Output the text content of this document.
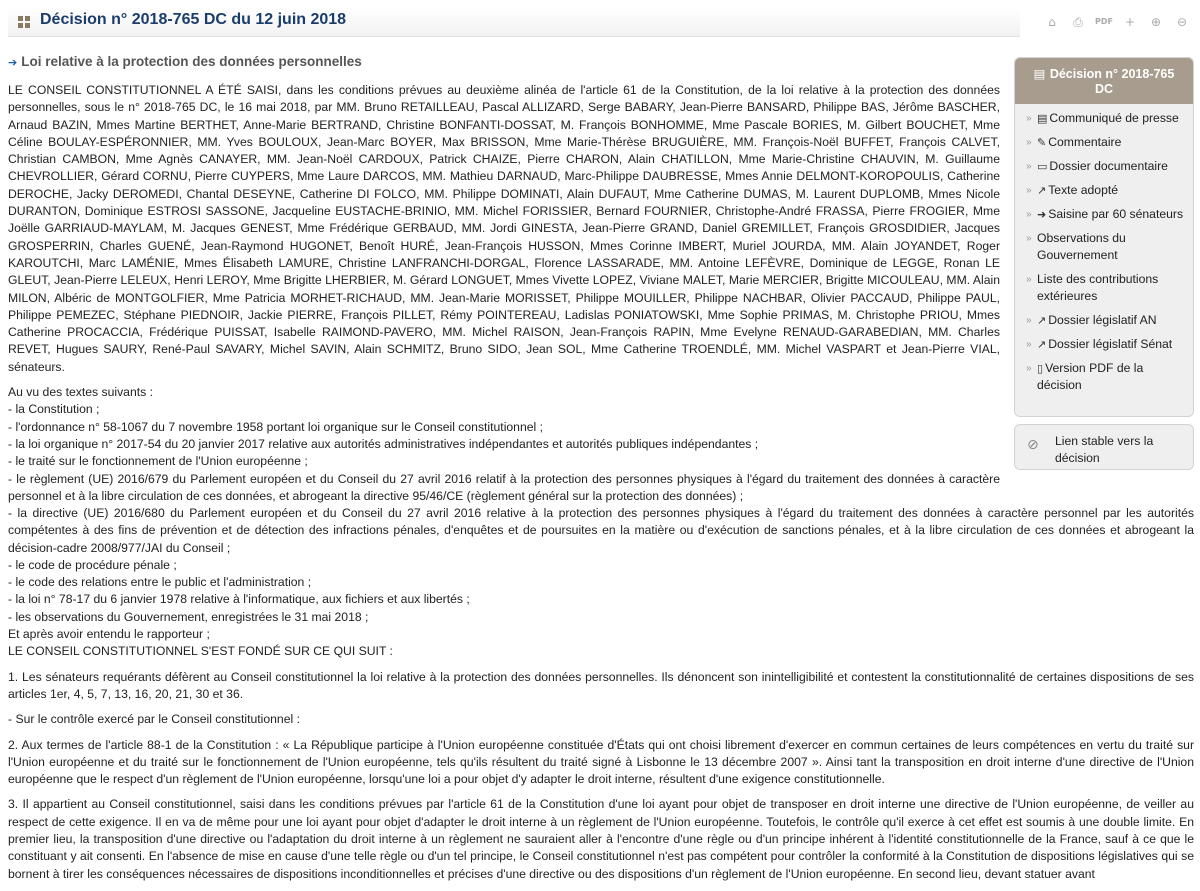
Décision n° 2018-765 DC du 12 juin 2018	⌂	⎙	PDF +	⊕	⊖
➔ Loi relative à la protection des données personnelles

LE CONSEIL CONSTITUTIONNEL A ÉTÉ SAISI, dans les conditions prévues au deuxième alinéa de l'article 61 de la Constitution, de la loi relative à la protection des données personnelles, sous le n° 2018-765 DC, le 16 mai 2018, par MM. Bruno RETAILLEAU, Pascal ALLIZARD, Serge BABARY, Jean-Pierre BANSARD, Philippe BAS, Jérôme BASCHER, Arnaud BAZIN, Mmes Martine BERTHET, Anne-Marie BERTRAND, Christine BONFANTI-DOSSAT, M. François BONHOMME, Mme Pascale BORIES, M. Gilbert BOUCHET, Mme Céline BOULAY-ESPÉRONNIER, MM. Yves BOULOUX, Jean-Marc BOYER, Max BRISSON, Mme Marie-Thérèse BRUGUIÈRE, MM. François-Noël BUFFET, François CALVET, Christian CAMBON, Mme Agnès CANAYER, MM. Jean-Noël CARDOUX, Patrick CHAIZE, Pierre CHARON, Alain CHATILLON, Mme Marie-Christine CHAUVIN, M. Guillaume CHEVROLLIER, Gérard CORNU, Pierre CUYPERS, Mme Laure DARCOS, MM. Mathieu DARNAUD, Marc-Philippe DAUBRESSE, Mmes Annie DELMONT-KOROPOULIS, Catherine DEROCHE, Jacky DEROMEDI, Chantal DESEYNE, Catherine DI FOLCO, MM. Philippe DOMINATI, Alain DUFAUT, Mme Catherine DUMAS, M. Laurent DUPLOMB, Mmes Nicole DURANTON, Dominique ESTROSI SASSONE, Jacqueline EUSTACHE-BRINIO, MM. Michel FORISSIER, Bernard FOURNIER, Christophe-André FRASSA, Pierre FROGIER, Mme Joëlle GARRIAUD-MAYLAM, M. Jacques GENEST, Mme Frédérique GERBAUD, MM. Jordi GINESTA, Jean-Pierre GRAND, Daniel GREMILLET, François GROSDIDIER, Jacques GROSPERRIN, Charles GUENÉ, Jean-Raymond HUGONET, Benoît HURÉ, Jean-François HUSSON, Mmes Corinne IMBERT, Muriel JOURDA, MM. Alain JOYANDET, Roger KAROUTCHI, Marc LAMÉNIE, Mmes Élisabeth LAMURE, Christine LANFRANCHI-DORGAL, Florence LASSARADE, MM. Antoine LEFÈVRE, Dominique de LEGGE, Ronan LE GLEUT, Jean-Pierre LELEUX, Henri LEROY, Mme Brigitte LHERBIER, M. Gérard LONGUET, Mmes Vivette LOPEZ, Viviane MALET, Marie MERCIER, Brigitte MICOULEAU, MM. Alain MILON, Albéric de MONTGOLFIER, Mme Patricia MORHET-RICHAUD, MM. Jean-Marie MORISSET, Philippe MOUILLER, Philippe NACHBAR, Olivier PACCAUD, Philippe PAUL, Philippe PEMEZEC, Stéphane PIEDNOIR, Jackie PIERRE, François PILLET, Rémy POINTEREAU, Ladislas PONIATOWSKI, Mme Sophie PRIMAS, M. Christophe PRIOU, Mmes Catherine PROCACCIA, Frédérique PUISSAT, Isabelle RAIMOND-PAVERO, MM. Michel RAISON, Jean-François RAPIN, Mme Evelyne RENAUD-GARABEDIAN, MM. Charles REVET, Hugues SAURY, René-Paul SAVARY, Michel SAVIN, Alain SCHMITZ, Bruno SIDO, Jean SOL, Mme Catherine TROENDLÉ, MM. Michel VASPART et Jean-Pierre VIAL, sénateurs.

Au vu des textes suivants :
- la Constitution ;
- l'ordonnance n° 58-1067 du 7 novembre 1958 portant loi organique sur le Conseil constitutionnel ;
- la loi organique n° 2017-54 du 20 janvier 2017 relative aux autorités administratives indépendantes et autorités publiques indépendantes ;
- le traité sur le fonctionnement de l'Union européenne ;
- le règlement (UE) 2016/679 du Parlement européen et du Conseil du 27 avril 2016 relatif à la protection des personnes physiques à l'égard du traitement des données à caractère personnel et à la libre circulation de ces données, et abrogeant la directive 95/46/CE (règlement général sur la protection des données) ;
- la directive (UE) 2016/680 du Parlement européen et du Conseil du 27 avril 2016 relative à la protection des personnes physiques à l'égard du traitement des données à caractère personnel par les autorités compétentes à des fins de prévention et de détection des infractions pénales, d'enquêtes et de poursuites en la matière ou d'exécution de sanctions pénales, et à la libre circulation de ces données et abrogeant la décision-cadre 2008/977/JAI du Conseil ;
- le code de procédure pénale ;
- le code des relations entre le public et l'administration ;
- la loi n° 78-17 du 6 janvier 1978 relative à l'informatique, aux fichiers et aux libertés ;
- les observations du Gouvernement, enregistrées le 31 mai 2018 ;
Et après avoir entendu le rapporteur ;
LE CONSEIL CONSTITUTIONNEL S'EST FONDÉ SUR CE QUI SUIT :

1. Les sénateurs requérants défèrent au Conseil constitutionnel la loi relative à la protection des données personnelles. Ils dénoncent son inintelligibilité et contestent la constitutionnalité de certaines dispositions de ses articles 1er, 4, 5, 7, 13, 16, 20, 21, 30 et 36.

- Sur le contrôle exercé par le Conseil constitutionnel :

2. Aux termes de l'article 88-1 de la Constitution : « La République participe à l'Union européenne constituée d'États qui ont choisi librement d'exercer en commun certaines de leurs compétences en vertu du traité sur l'Union européenne et du traité sur le fonctionnement de l'Union européenne, tels qu'ils résultent du traité signé à Lisbonne le 13 décembre 2007 ». Ainsi tant la transposition en droit interne d'une directive de l'Union européenne que le respect d'un règlement de l'Union européenne, lorsqu'une loi a pour objet d'y adapter le droit interne, résultent d'une exigence constitutionnelle.

3. Il appartient au Conseil constitutionnel, saisi dans les conditions prévues par l'article 61 de la Constitution d'une loi ayant pour objet de transposer en droit interne une directive de l'Union européenne, de veiller au respect de cette exigence. Il en va de même pour une loi ayant pour objet d'adapter le droit interne à un règlement de l'Union européenne. Toutefois, le contrôle qu'il exerce à cet effet est soumis à une double limite. En premier lieu, la transposition d'une directive ou l'adaptation du droit interne à un règlement ne sauraient aller à l'encontre d'une règle ou d'un principe inhérent à l'identité constitutionnelle de la France, sauf à ce que le constituant y ait consenti. En l'absence de mise en cause d'une telle règle ou d'un tel principe, le Conseil constitutionnel n'est pas compétent pour contrôler la conformité à la Constitution de dispositions législatives qui se bornent à tirer les conséquences nécessaires de dispositions inconditionnelles et précises d'une directive ou des dispositions d'un règlement de l'Union européenne. En second lieu, devant statuer avant

▤ Décision n° 2018-765 DC
» ▤ Communiqué de presse
» ✎ Commentaire
» ▭ Dossier documentaire
» ↗ Texte adopté
» ➜ Saisine par 60 sénateurs
» Observations du Gouvernement
» Liste des contributions extérieures
» ↗ Dossier législatif AN
» ↗ Dossier législatif Sénat
» ▯ Version PDF de la décision
⊘ Lien stable vers la décision
